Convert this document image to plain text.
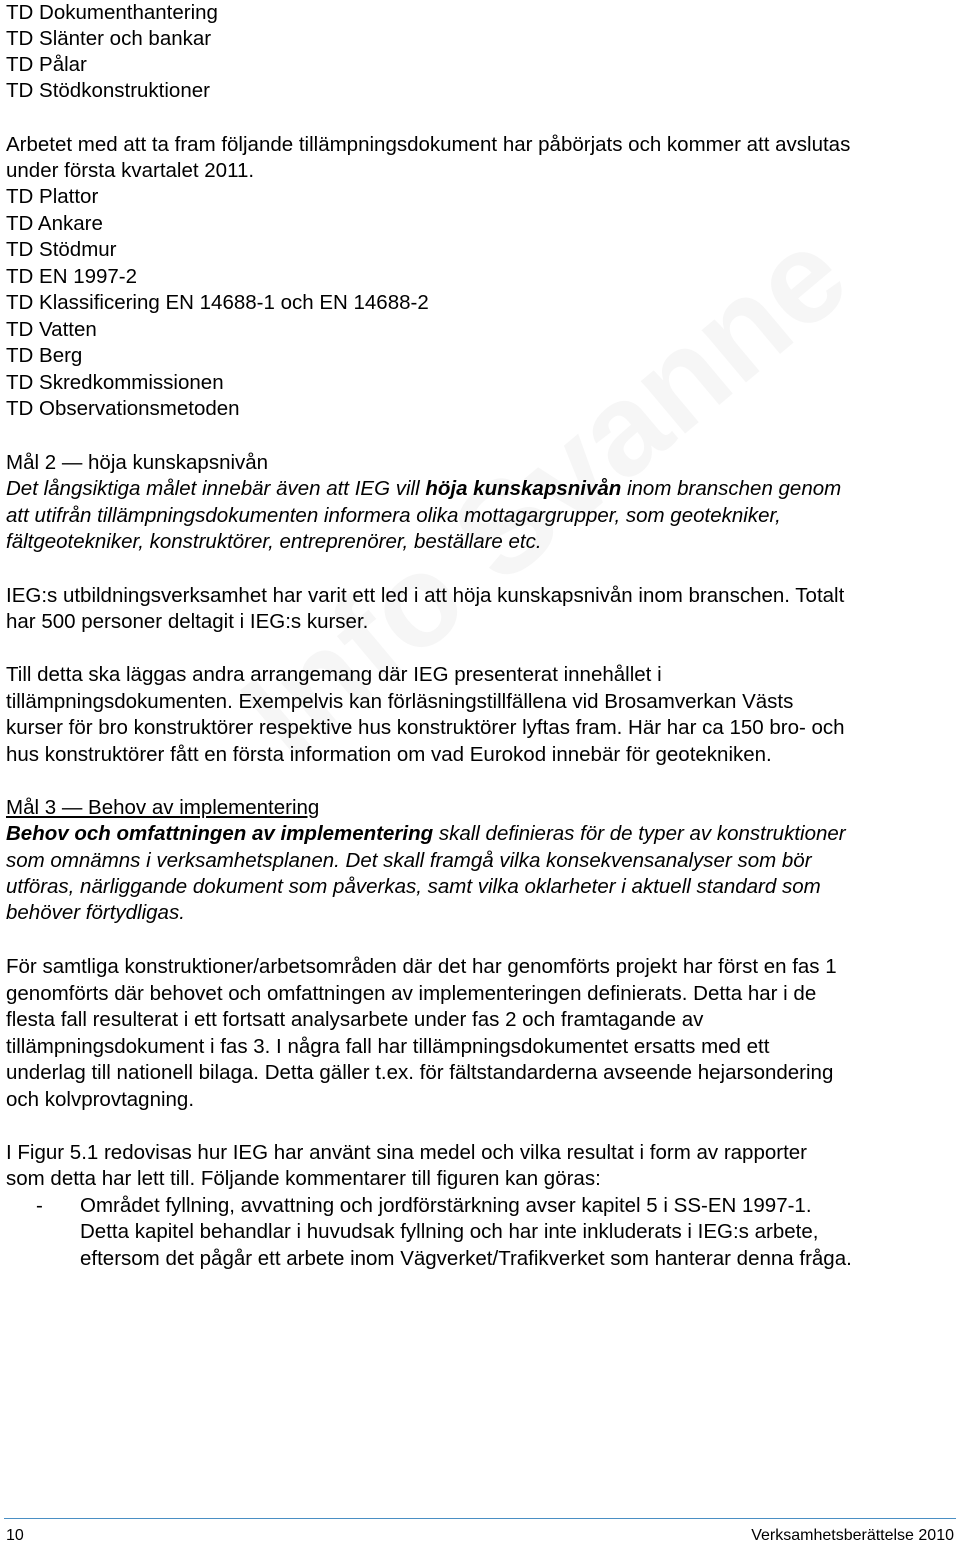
TD Dokumenthantering
TD Slänter och bankar
TD Pålar
TD Stödkonstruktioner
Arbetet med att ta fram följande tillämpningsdokument har påbörjats och kommer att avslutas
under första kvartalet 2011.
TD Plattor
TD Ankare
TD Stödmur
TD EN 1997-2
TD Klassificering EN 14688-1 och EN 14688-2
TD Vatten
TD Berg
TD Skredkommissionen
TD Observationsmetoden
Mål 2 — höja kunskapsnivån
Det långsiktiga målet innebär även att IEG vill höja kunskapsnivån inom branschen genom
att utifrån tillämpningsdokumenten informera olika mottagargrupper, som geotekniker,
fältgeotekniker, konstruktörer, entreprenörer, beställare etc.
IEG:s utbildningsverksamhet har varit ett led i att höja kunskapsnivån inom branschen. Totalt
har 500 personer deltagit i IEG:s kurser.
Till detta ska läggas andra arrangemang där IEG presenterat innehållet i
tillämpningsdokumenten. Exempelvis kan förläsningstillfällena vid Brosamverkan Västs
kurser för bro konstruktörer respektive hus konstruktörer lyftas fram. Här har ca 150 bro- och
hus konstruktörer fått en första information om vad Eurokod innebär för geotekniken.
Mål 3 — Behov av implementering
Behov och omfattningen av implementering skall definieras för de typer av konstruktioner
som omnämns i verksamhetsplanen. Det skall framgå vilka konsekvensanalyser som bör
utföras, närliggande dokument som påverkas, samt vilka oklarheter i aktuell standard som
behöver förtydligas.
För samtliga konstruktioner/arbetsområden där det har genomförts projekt har först en fas 1
genomförts där behovet och omfattningen av implementeringen definierats. Detta har i de
flesta fall resulterat i ett fortsatt analysarbete under fas 2 och framtagande av
tillämpningsdokument i fas 3. I några fall har tillämpningsdokumentet ersatts med ett
underlag till nationell bilaga. Detta gäller t.ex. för fältstandarderna avseende hejarsondering
och kolvprovtagning.
I Figur 5.1 redovisas hur IEG har använt sina medel och vilka resultat i form av rapporter
som detta har lett till. Följande kommentarer till figuren kan göras:
- Området fyllning, avvattning och jordförstärkning avser kapitel 5 i SS-EN 1997-1.
Detta kapitel behandlar i huvudsak fyllning och har inte inkluderats i IEG:s arbete,
eftersom det pågår ett arbete inom Vägverket/Trafikverket som hanterar denna fråga.
10	Verksamhetsberättelse 2010
